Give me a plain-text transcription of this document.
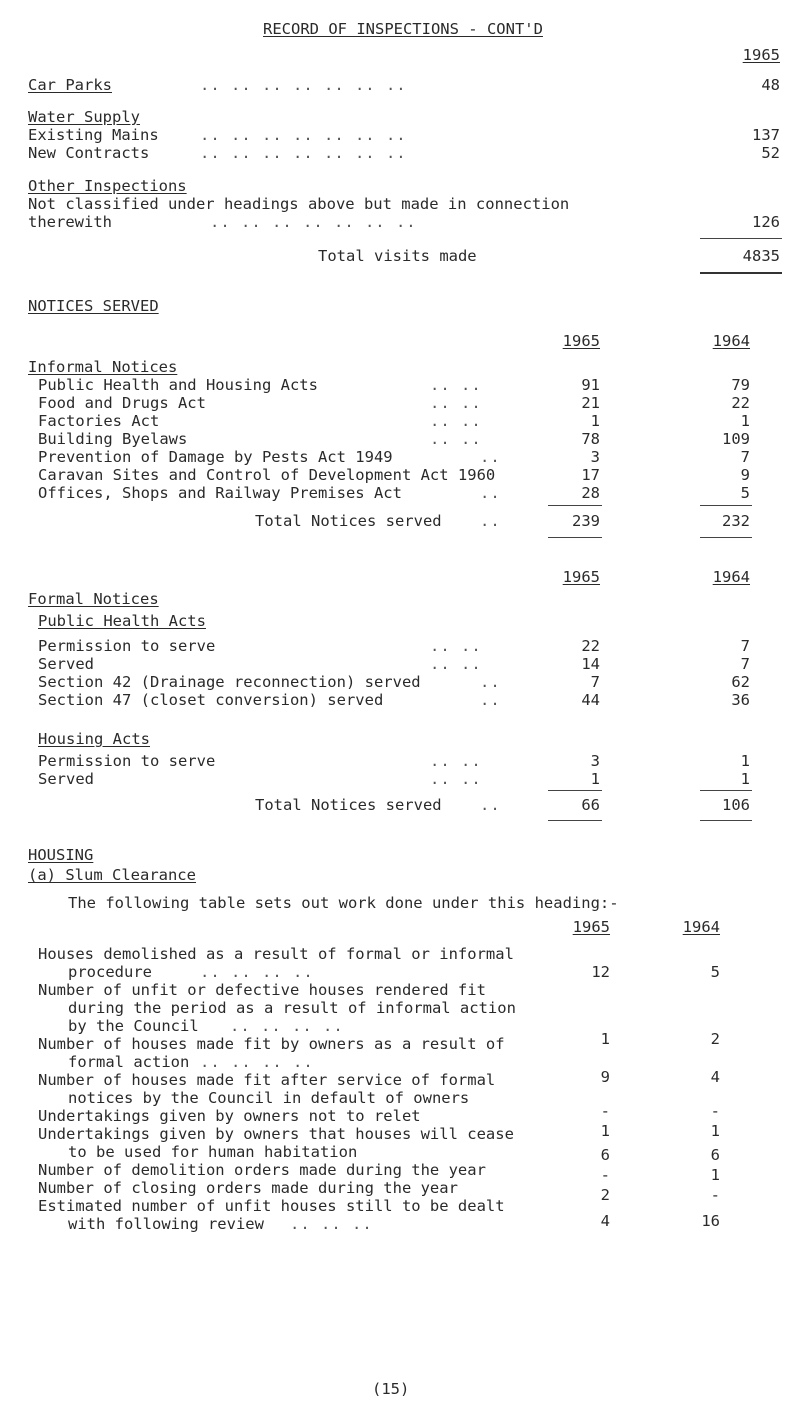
RECORD OF INSPECTIONS - CONT'D
1965
Car Parks	.. .. .. .. .. .. ..	48
Water Supply
Existing Mains	.. .. .. .. .. .. ..	137
New Contracts	.. .. .. .. .. .. ..	52
Other Inspections
Not classified under headings above but made in connection
therewith	.. .. .. .. .. .. ..	126
Total visits made	4835
NOTICES SERVED
1965	1964
Informal Notices
Public Health and Housing Acts	.. ..	91	79
Food and Drugs Act	.. ..	21	22
Factories Act	.. ..	1	1
Building Byelaws	.. ..	78	109
Prevention of Damage by Pests Act 1949	..	3	7
Caravan Sites and Control of Development Act 1960	17	9
Offices, Shops and Railway Premises Act	..	28	5
Total Notices served ..	239	232
1965	1964
Formal Notices
Public Health Acts
Permission to serve	.. ..	22	7
Served	.. ..	14	7
Section 42 (Drainage reconnection) served	..	7	62
Section 47 (closet conversion) served	..	44	36
Housing Acts
Permission to serve	.. ..	3	1
Served	.. ..	1	1
Total Notices served ..	66	106
HOUSING
(a) Slum Clearance
The following table sets out work done under this heading:-
1965	1964
Houses demolished as a result of formal or informal
procedure	.. .. .. ..	12	5
Number of unfit or defective houses rendered fit
during the period as a result of informal action
by the Council .. .. .. ..
1	2
Number of houses made fit by owners as a result of
formal action .. .. .. ..
9	4
Number of houses made fit after service of formal
notices by the Council in default of owners
-	-
Undertakings given by owners not to relet
1	1
Undertakings given by owners that houses will cease
to be used for human habitation	6	6
Number of demolition orders made during the year	-	1
Number of closing orders made during the year	2	-
Estimated number of unfit houses still to be dealt
with following review .. .. ..	4	16
(15)
